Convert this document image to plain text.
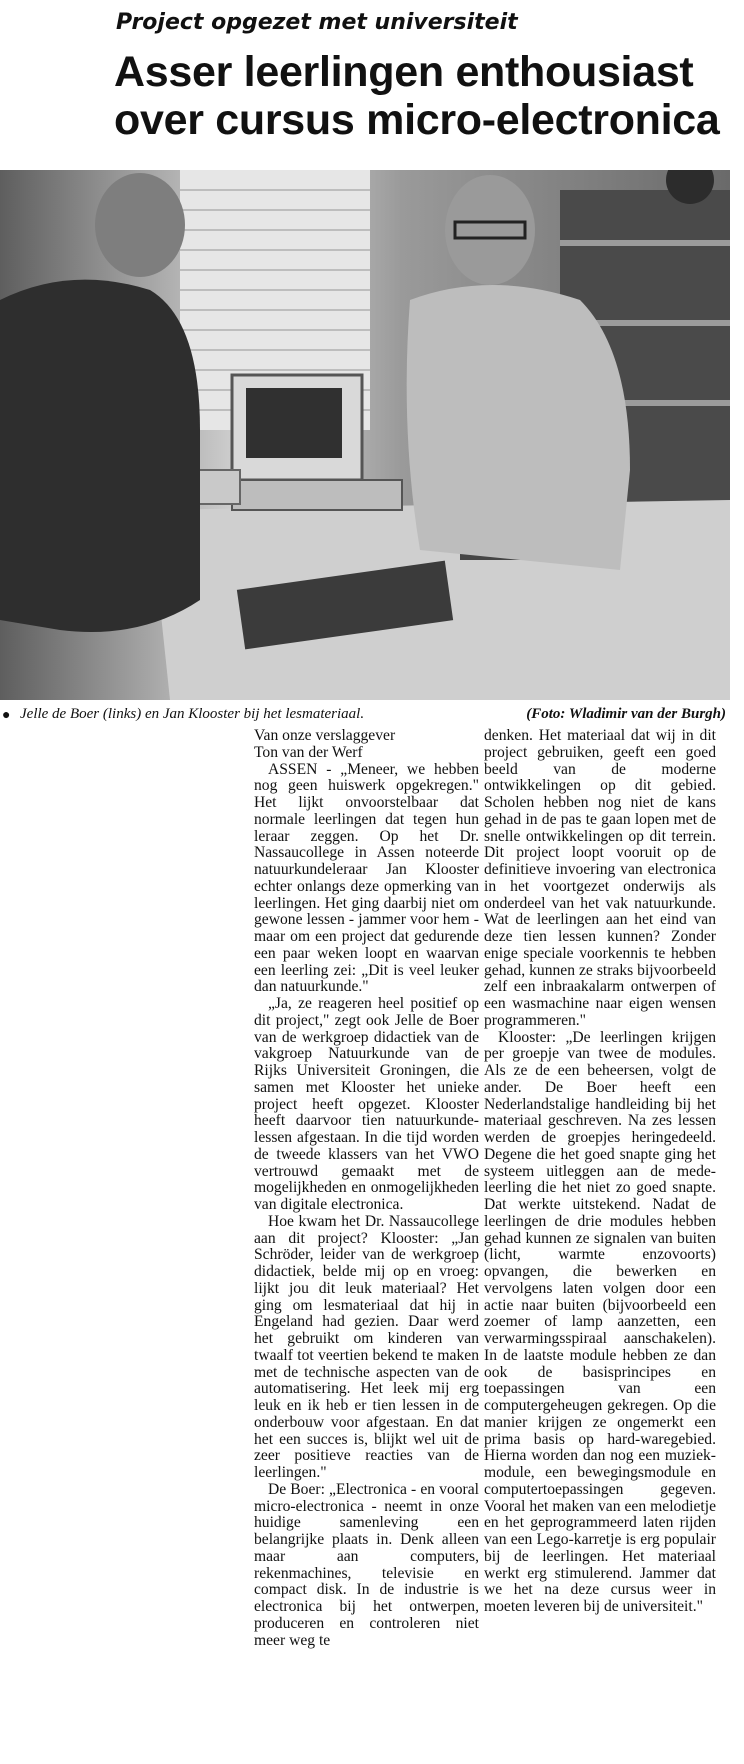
Project opgezet met universiteit
Asser leerlingen enthousiast over cursus micro-electronica
● Jelle de Boer (links) en Jan Klooster bij het lesmateriaal.	(Foto: Wladimir van der Burgh)
Van onze verslaggever
Ton van der Werf

ASSEN - „Meneer, we hebben nog geen huiswerk opgekregen." Het lijkt onvoorstelbaar dat normale leerlingen dat tegen hun leraar zeggen. Op het Dr. Nassaucollege in Assen noteerde natuurkundeleraar Jan Klooster echter onlangs deze opmerking van leerlingen. Het ging daarbij niet om gewone lessen - jammer voor hem - maar om een project dat gedurende een paar weken loopt en waarvan een leerling zei: „Dit is veel leuker dan natuurkunde."

„Ja, ze reageren heel positief op dit project," zegt ook Jelle de Boer van de werkgroep didactiek van de vakgroep Natuurkunde van de Rijks Universiteit Groningen, die samen met Klooster het unieke project heeft opgezet. Klooster heeft daarvoor tien natuurkunde-lessen afgestaan. In die tijd worden de tweede klassers van het VWO vertrouwd gemaakt met de mogelijkheden en onmogelijkheden van digitale electronica.

Hoe kwam het Dr. Nassaucollege aan dit project? Klooster: „Jan Schröder, leider van de werkgroep didactiek, belde mij op en vroeg: lijkt jou dit leuk materiaal? Het ging om lesmateriaal dat hij in Engeland had gezien. Daar werd het gebruikt om kinderen van twaalf tot veertien bekend te maken met de technische aspecten van de automatisering. Het leek mij erg leuk en ik heb er tien lessen in de onderbouw voor afgestaan. En dat het een succes is, blijkt wel uit de zeer positieve reacties van de leerlingen."

De Boer: „Electronica - en vooral micro-electronica - neemt in onze huidige samenleving een belangrijke plaats in. Denk alleen maar aan computers, rekenmachines, televisie en compact disk. In de industrie is electronica bij het ontwerpen, produceren en controleren niet meer weg te

denken. Het materiaal dat wij in dit project gebruiken, geeft een goed beeld van de moderne ontwikkelingen op dit gebied. Scholen hebben nog niet de kans gehad in de pas te gaan lopen met de snelle ontwikkelingen op dit terrein. Dit project loopt vooruit op de definitieve invoering van electronica in het voortgezet onderwijs als onderdeel van het vak natuurkunde. Wat de leerlingen aan het eind van deze tien lessen kunnen? Zonder enige speciale voorkennis te hebben gehad, kunnen ze straks bijvoorbeeld zelf een inbraakalarm ontwerpen of een wasmachine naar eigen wensen programmeren."

Klooster: „De leerlingen krijgen per groepje van twee de modules. Als ze de een beheersen, volgt de ander. De Boer heeft een Nederlandstalige handleiding bij het materiaal geschreven. Na zes lessen werden de groepjes heringedeeld. Degene die het goed snapte ging het systeem uitleggen aan de mede-leerling die het niet zo goed snapte. Dat werkte uitstekend. Nadat de leerlingen de drie modules hebben gehad kunnen ze signalen van buiten (licht, warmte enzovoorts) opvangen, die bewerken en vervolgens laten volgen door een actie naar buiten (bijvoorbeeld een zoemer of lamp aanzetten, een verwarmingsspiraal aanschakelen). In de laatste module hebben ze dan ook de basisprincipes en toepassingen van een computergeheugen gekregen. Op die manier krijgen ze ongemerkt een prima basis op hard-waregebied. Hierna worden dan nog een muziek-module, een bewegingsmodule en computertoepassingen gegeven. Vooral het maken van een melodietje en het geprogrammeerd laten rijden van een Lego-karretje is erg populair bij de leerlingen. Het materiaal werkt erg stimulerend. Jammer dat we het na deze cursus weer in moeten leveren bij de universiteit."
